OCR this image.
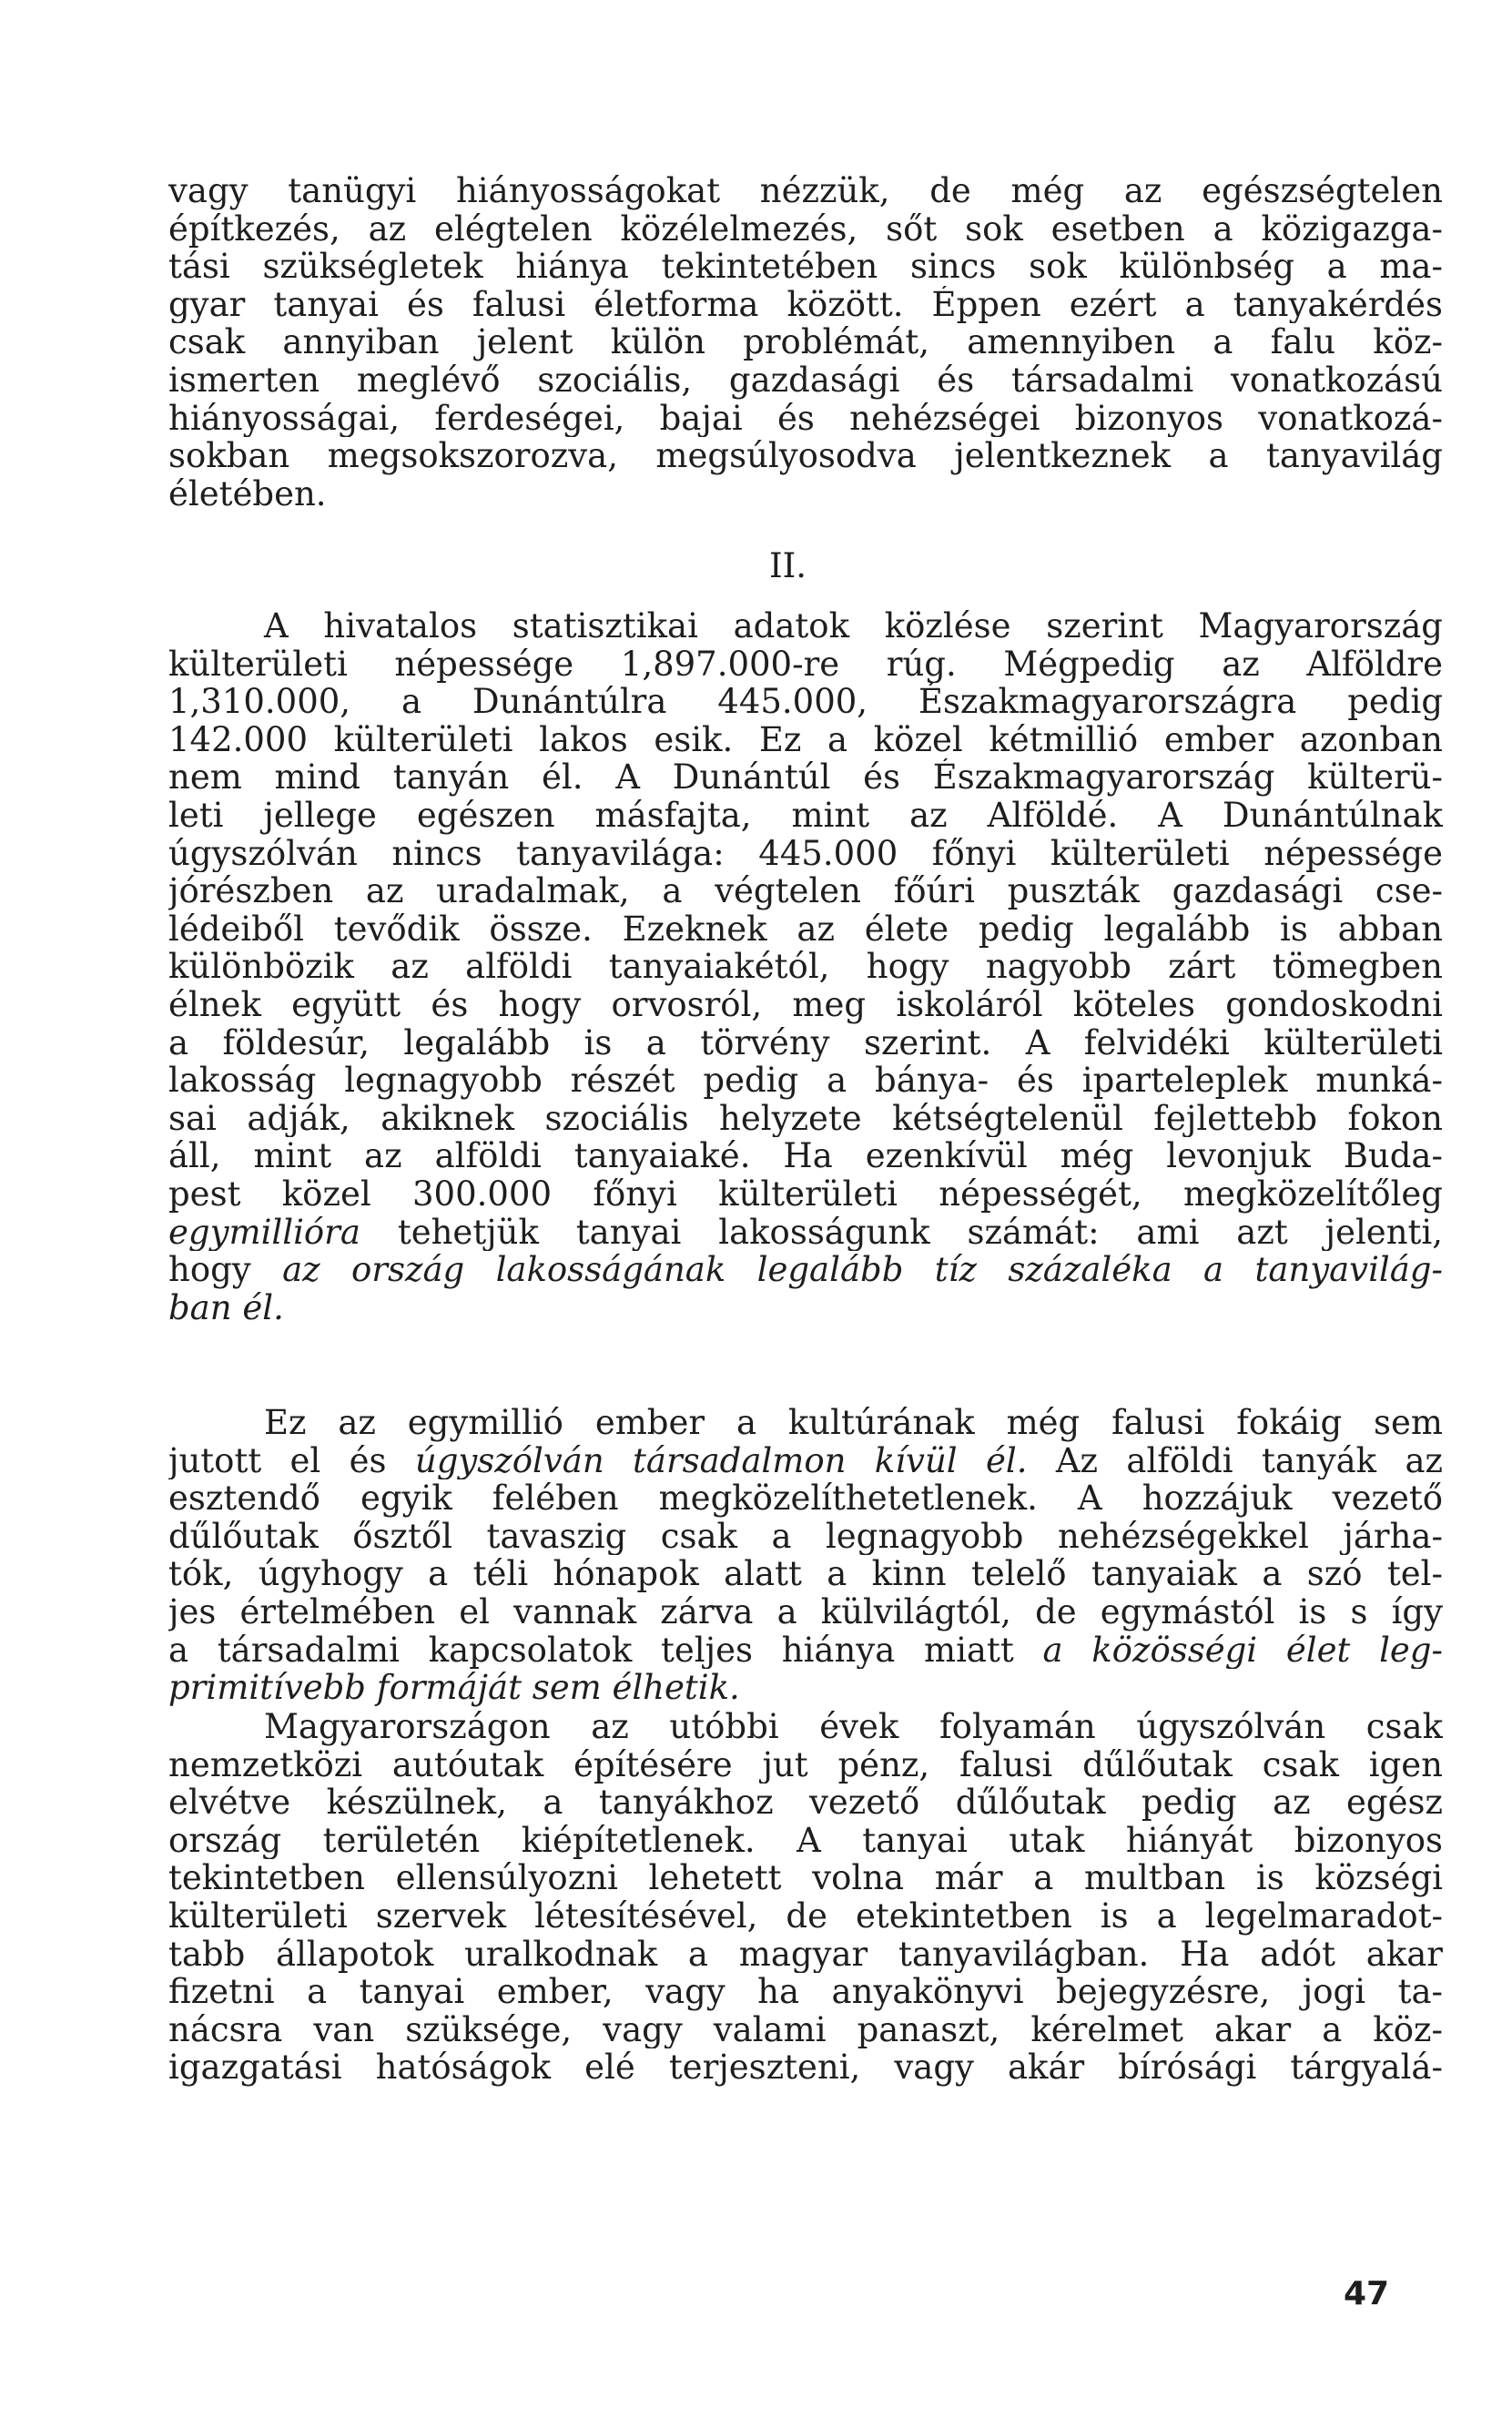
vagy tanügyi hiányosságokat nézzük, de még az egészségtelen
építkezés, az elégtelen közélelmezés, sőt sok esetben a közigazga-
tási szükségletek hiánya tekintetében sincs sok különbség a ma-
gyar tanyai és falusi életforma között. Éppen ezért a tanyakérdés
csak annyiban jelent külön problémát, amennyiben a falu köz-
ismerten meglévő szociális, gazdasági és társadalmi vonatkozású
hiányosságai, ferdeségei, bajai és nehézségei bizonyos vonatkozá-
sokban megsokszorozva, megsúlyosodva jelentkeznek a tanyavilág
életében.
II.
A hivatalos statisztikai adatok közlése szerint Magyarország
külterületi népessége 1,897.000-re rúg. Mégpedig az Alföldre
1,310.000, a Dunántúlra 445.000, Északmagyarországra pedig
142.000 külterületi lakos esik. Ez a közel kétmillió ember azonban
nem mind tanyán él. A Dunántúl és Északmagyarország külterü-
leti jellege egészen másfajta, mint az Alföldé. A Dunántúlnak
úgyszólván nincs tanyavilága: 445.000 főnyi külterületi népessége
jórészben az uradalmak, a végtelen főúri puszták gazdasági cse-
lédeiből tevődik össze. Ezeknek az élete pedig legalább is abban
különbözik az alföldi tanyaiakétól, hogy nagyobb zárt tömegben
élnek együtt és hogy orvosról, meg iskoláról köteles gondoskodni
a földesúr, legalább is a törvény szerint. A felvidéki külterületi
lakosság legnagyobb részét pedig a bánya- és iparteleplek munká-
sai adják, akiknek szociális helyzete kétségtelenül fejlettebb fokon
áll, mint az alföldi tanyaiaké. Ha ezenkívül még levonjuk Buda-
pest közel 300.000 főnyi külterületi népességét, megközelítőleg
egymillióra tehetjük tanyai lakosságunk számát: ami azt jelenti,
hogy az ország lakosságának legalább tíz százaléka a tanyavilág-
ban él.
Ez az egymillió ember a kultúrának még falusi fokáig sem
jutott el és úgyszólván társadalmon kívül él. Az alföldi tanyák az
esztendő egyik felében megközelíthetetlenek. A hozzájuk vezető
dűlőutak ősztől tavaszig csak a legnagyobb nehézségekkel járha-
tók, úgyhogy a téli hónapok alatt a kinn telelő tanyaiak a szó tel-
jes értelmében el vannak zárva a külvilágtól, de egymástól is s így
a társadalmi kapcsolatok teljes hiánya miatt a közösségi élet leg-
primitívebb formáját sem élhetik.
Magyarországon az utóbbi évek folyamán úgyszólván csak
nemzetközi autóutak építésére jut pénz, falusi dűlőutak csak igen
elvétve készülnek, a tanyákhoz vezető dűlőutak pedig az egész
ország területén kiépítetlenek. A tanyai utak hiányát bizonyos
tekintetben ellensúlyozni lehetett volna már a multban is községi
külterületi szervek létesítésével, de etekintetben is a legelmaradot-
tabb állapotok uralkodnak a magyar tanyavilágban. Ha adót akar
fizetni a tanyai ember, vagy ha anyakönyvi bejegyzésre, jogi ta-
nácsra van szüksége, vagy valami panaszt, kérelmet akar a köz-
igazgatási hatóságok elé terjeszteni, vagy akár bírósági tárgyalá-
47
